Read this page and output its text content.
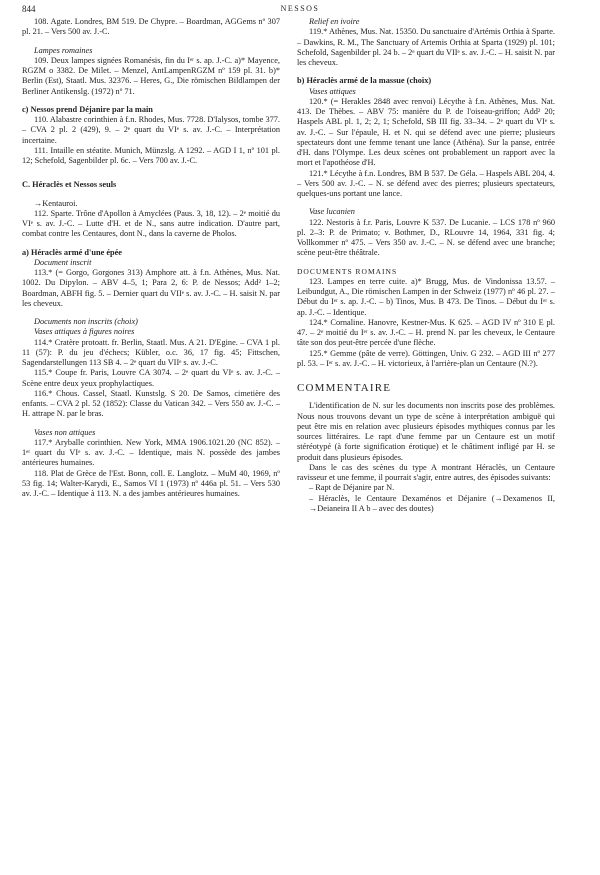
844	NESSOS

108. Agate. Londres, BM 519. De Chypre. – Boardman, AGGems nº 307 pl. 21. – Vers 500 av. J.-C.

Lampes romaines

109. Deux lampes signées Romanésis, fin du Iᵉʳ s. ap. J.-C. a)* Mayence, RGZM o 3382. De Milet. – Menzel, AntLampenRGZM nº 159 pl. 31. b)* Berlin (Est), Staatl. Mus. 32376. – Heres, G., Die römischen Bildlampen der Berliner Antikenslg. (1972) nº 71.

c) Nessos prend Déjanire par la main

110. Alabastre corinthien à f.n. Rhodes, Mus. 7728. D'Ialysos, tombe 377. – CVA 2 pl. 2 (429), 9. – 2ᵉ quart du VIᵉ s. av. J.-C. – Interprétation incertaine.

111. Intaille en stéatite. Munich, Münzslg. A 1292. – AGD I 1, nº 101 pl. 12; Schefold, Sagenbilder pl. 6c. – Vers 700 av. J.-C.

C. Héraclès et Nessos seuls

→Kentauroi.

112. Sparte. Trône d'Apollon à Amyclées (Paus. 3, 18, 12). – 2ᵉ moitié du VIᵉ s. av. J.-C. – Lutte d'H. et de N., sans autre indication. D'autre part, combat contre les Centaures, dont N., dans la caverne de Pholos.

a) Héraclès armé d'une épée

Document inscrit

113.* (= Gorgo, Gorgones 313) Amphore att. à f.n. Athènes, Mus. Nat. 1002. Du Dipylon. – ABV 4–5, 1; Para 2, 6: P. de Nessos; Add² 1–2; Boardman, ABFH fig. 5. – Dernier quart du VIIᵉ s. av. J.-C. – H. saisit N. par les cheveux.

Documents non inscrits (choix)

Vases attiques à figures noires

114.* Cratère protoatt. fr. Berlin, Staatl. Mus. A 21. D'Egine. – CVA 1 pl. 11 (57): P. du jeu d'échecs; Kübler, o.c. 36, 17 fig. 45; Fittschen, Sagendarstellungen 113 SB 4. – 2ᵉ quart du VIIᵉ s. av. J.-C.

115.* Coupe fr. Paris, Louvre CA 3074. – 2ᵉ quart du VIᵉ s. av. J.-C. – Scène entre deux yeux prophylactiques.

116.* Chous. Cassel, Staatl. Kunstslg. S 20. De Samos, cimetière des enfants. – CVA 2 pl. 52 (1852): Classe du Vatican 342. – Vers 550 av. J.-C. – H. attrape N. par le bras.

Vases non attiques

117.* Aryballe corinthien. New York, MMA 1906.1021.20 (NC 852). – 1ᵉʳ quart du VIᵉ s. av. J.-C. – Identique, mais N. possède des jambes antérieures humaines.

118. Plat de Grèce de l'Est. Bonn, coll. E. Langlotz. – MuM 40, 1969, nº 53 fig. 14; Walter-Karydi, E., Samos VI 1 (1973) nº 446a pl. 51. – Vers 530 av. J.-C. – Identique à 113. N. a des jambes antérieures humaines.

Relief en ivoire

119.* Athènes, Mus. Nat. 15350. Du sanctuaire d'Artémis Orthia à Sparte. – Dawkins, R. M., The Sanctuary of Artemis Orthia at Sparta (1929) pl. 101; Schefold, Sagenbilder pl. 24 b. – 2ᵉ quart du VIIᵉ s. av. J.-C. – H. saisit N. par les cheveux.

b) Héraclès armé de la massue (choix)

Vases attiques

120.* (= Herakles 2848 avec renvoi) Lécythe à f.n. Athènes, Mus. Nat. 413. De Thèbes. – ABV 75: manière du P. de l'oiseau-griffon; Add² 20; Haspels ABL pl. 1, 2; 2, 1; Schefold, SB III fig. 33–34. – 2ᵉ quart du VIᵉ s. av. J.-C. – Sur l'épaule, H. et N. qui se défend avec une pierre; plusieurs spectateurs dont une femme tenant une lance (Athéna). Sur la panse, entrée d'H. dans l'Olympe. Les deux scènes ont probablement un rapport avec la mort et l'apothéose d'H.

121.* Lécythe à f.n. Londres, BM B 537. De Géla. – Haspels ABL 204, 4. – Vers 500 av. J.-C. – N. se défend avec des pierres; plusieurs spectateurs, quelques-uns portant une lance.

Vase lucanien

122. Nestoris à f.r. Paris, Louvre K 537. De Lucanie. – LCS 178 nº 960 pl. 2–3: P. de Primato; v. Bothmer, D., RLouvre 14, 1964, 331 fig. 4; Vollkommer nº 475. – Vers 350 av. J.-C. – N. se défend avec une branche; scène peut-être théâtrale.

DOCUMENTS ROMAINS

123. Lampes en terre cuite. a)* Brugg, Mus. de Vindonissa 13.57. – Leibundgut, A., Die römischen Lampen in der Schweiz (1977) nº 46 pl. 27. – Début du Iᵉʳ s. ap. J.-C. – b) Tinos, Mus. B 473. De Tinos. – Début du Iᵉʳ s. ap. J.-C. – Identique.

124.* Cornaline. Hanovre, Kestner-Mus. K 625. – AGD IV nº 310 E pl. 47. – 2ᵉ moitié du Iᵉʳ s. av. J.-C. – H. prend N. par les cheveux, le Centaure tâte son dos peut-être percée d'une flèche.

125.* Gemme (pâte de verre). Göttingen, Univ. G 232. – AGD III nº 277 pl. 53. – Iᵉʳ s. av. J.-C. – H. victorieux, à l'arrière-plan un Centaure (N.?).

COMMENTAIRE

L'identification de N. sur les documents non inscrits pose des problèmes. Nous nous trouvons devant un type de scène à interprétation ambiguë qui peut être mis en relation avec plusieurs épisodes mythiques connus par les sources littéraires. Le rapt d'une femme par un Centaure est un motif stéréotypé (à forte signification érotique) et le châtiment infligé par H. se produit dans plusieurs épisodes.

Dans le cas des scènes du type A montrant Héraclès, un Centaure ravisseur et une femme, il pourrait s'agir, entre autres, des épisodes suivants:

– Rapt de Déjanire par N.

– Héraclès, le Centaure Dexaménos et Déjanire (→Dexamenos II, →Deianeira II A b – avec des doutes)
